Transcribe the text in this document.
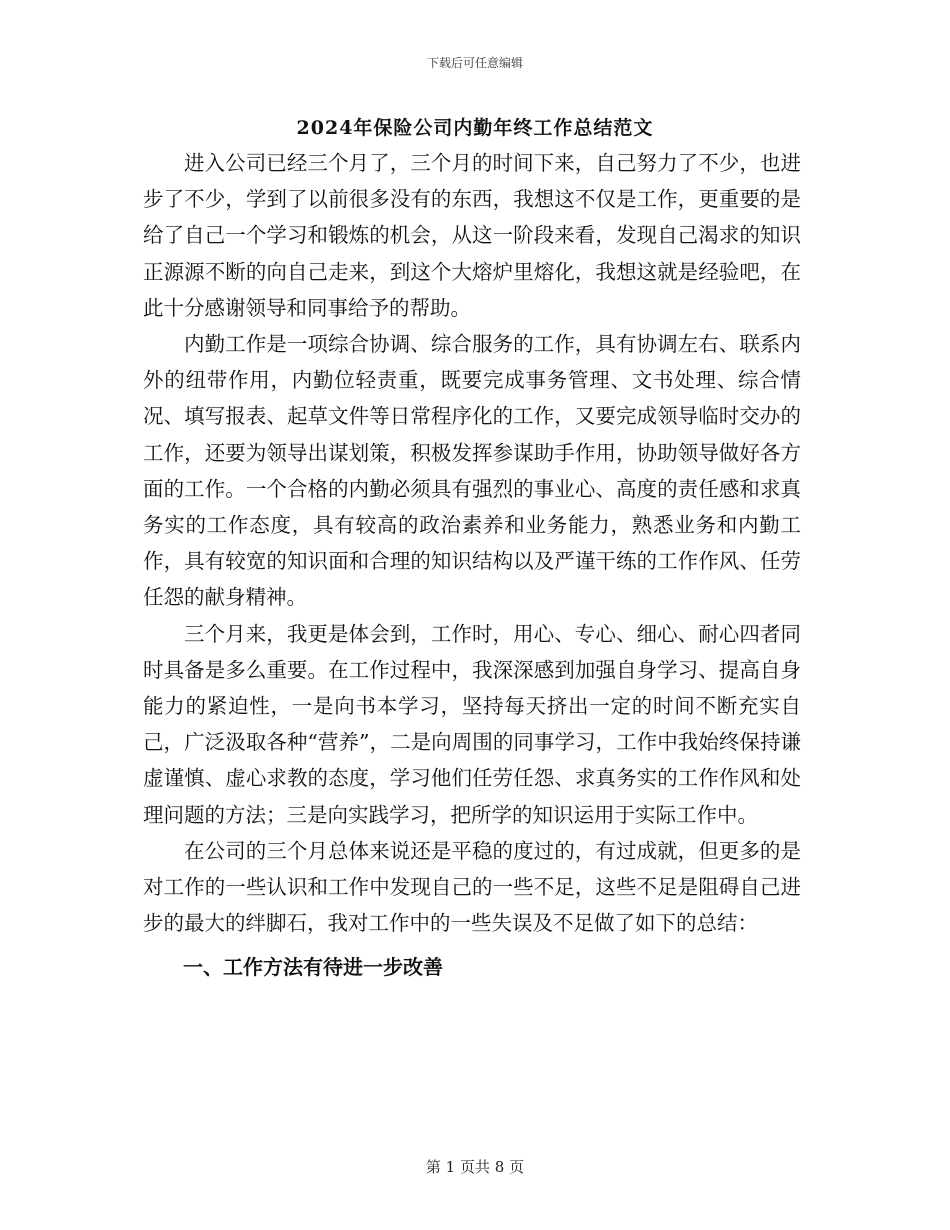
下载后可任意编辑
2024年保险公司内勤年终工作总结范文

进入公司已经三个月了，三个月的时间下来，自己努力了不少，也进步了不少，学到了以前很多没有的东西，我想这不仅是工作，更重要的是给了自己一个学习和锻炼的机会，从这一阶段来看，发现自己渴求的知识正源源不断的向自己走来，到这个大熔炉里熔化，我想这就是经验吧，在此十分感谢领导和同事给予的帮助。

内勤工作是一项综合协调、综合服务的工作，具有协调左右、联系内外的纽带作用，内勤位轻责重，既要完成事务管理、文书处理、综合情况、填写报表、起草文件等日常程序化的工作，又要完成领导临时交办的工作，还要为领导出谋划策，积极发挥参谋助手作用，协助领导做好各方面的工作。一个合格的内勤必须具有强烈的事业心、高度的责任感和求真务实的工作态度，具有较高的政治素养和业务能力，熟悉业务和内勤工作，具有较宽的知识面和合理的知识结构以及严谨干练的工作作风、任劳任怨的献身精神。

三个月来，我更是体会到，工作时，用心、专心、细心、耐心四者同时具备是多么重要。在工作过程中，我深深感到加强自身学习、提高自身能力的紧迫性，一是向书本学习，坚持每天挤出一定的时间不断充实自己，广泛汲取各种“营养”，二是向周围的同事学习，工作中我始终保持谦虚谨慎、虚心求教的态度，学习他们任劳任怨、求真务实的工作作风和处理问题的方法；三是向实践学习，把所学的知识运用于实际工作中。

在公司的三个月总体来说还是平稳的度过的，有过成就，但更多的是对工作的一些认识和工作中发现自己的一些不足，这些不足是阻碍自己进步的最大的绊脚石，我对工作中的一些失误及不足做了如下的总结：

一、工作方法有待进一步改善
第 1 页共 8 页
